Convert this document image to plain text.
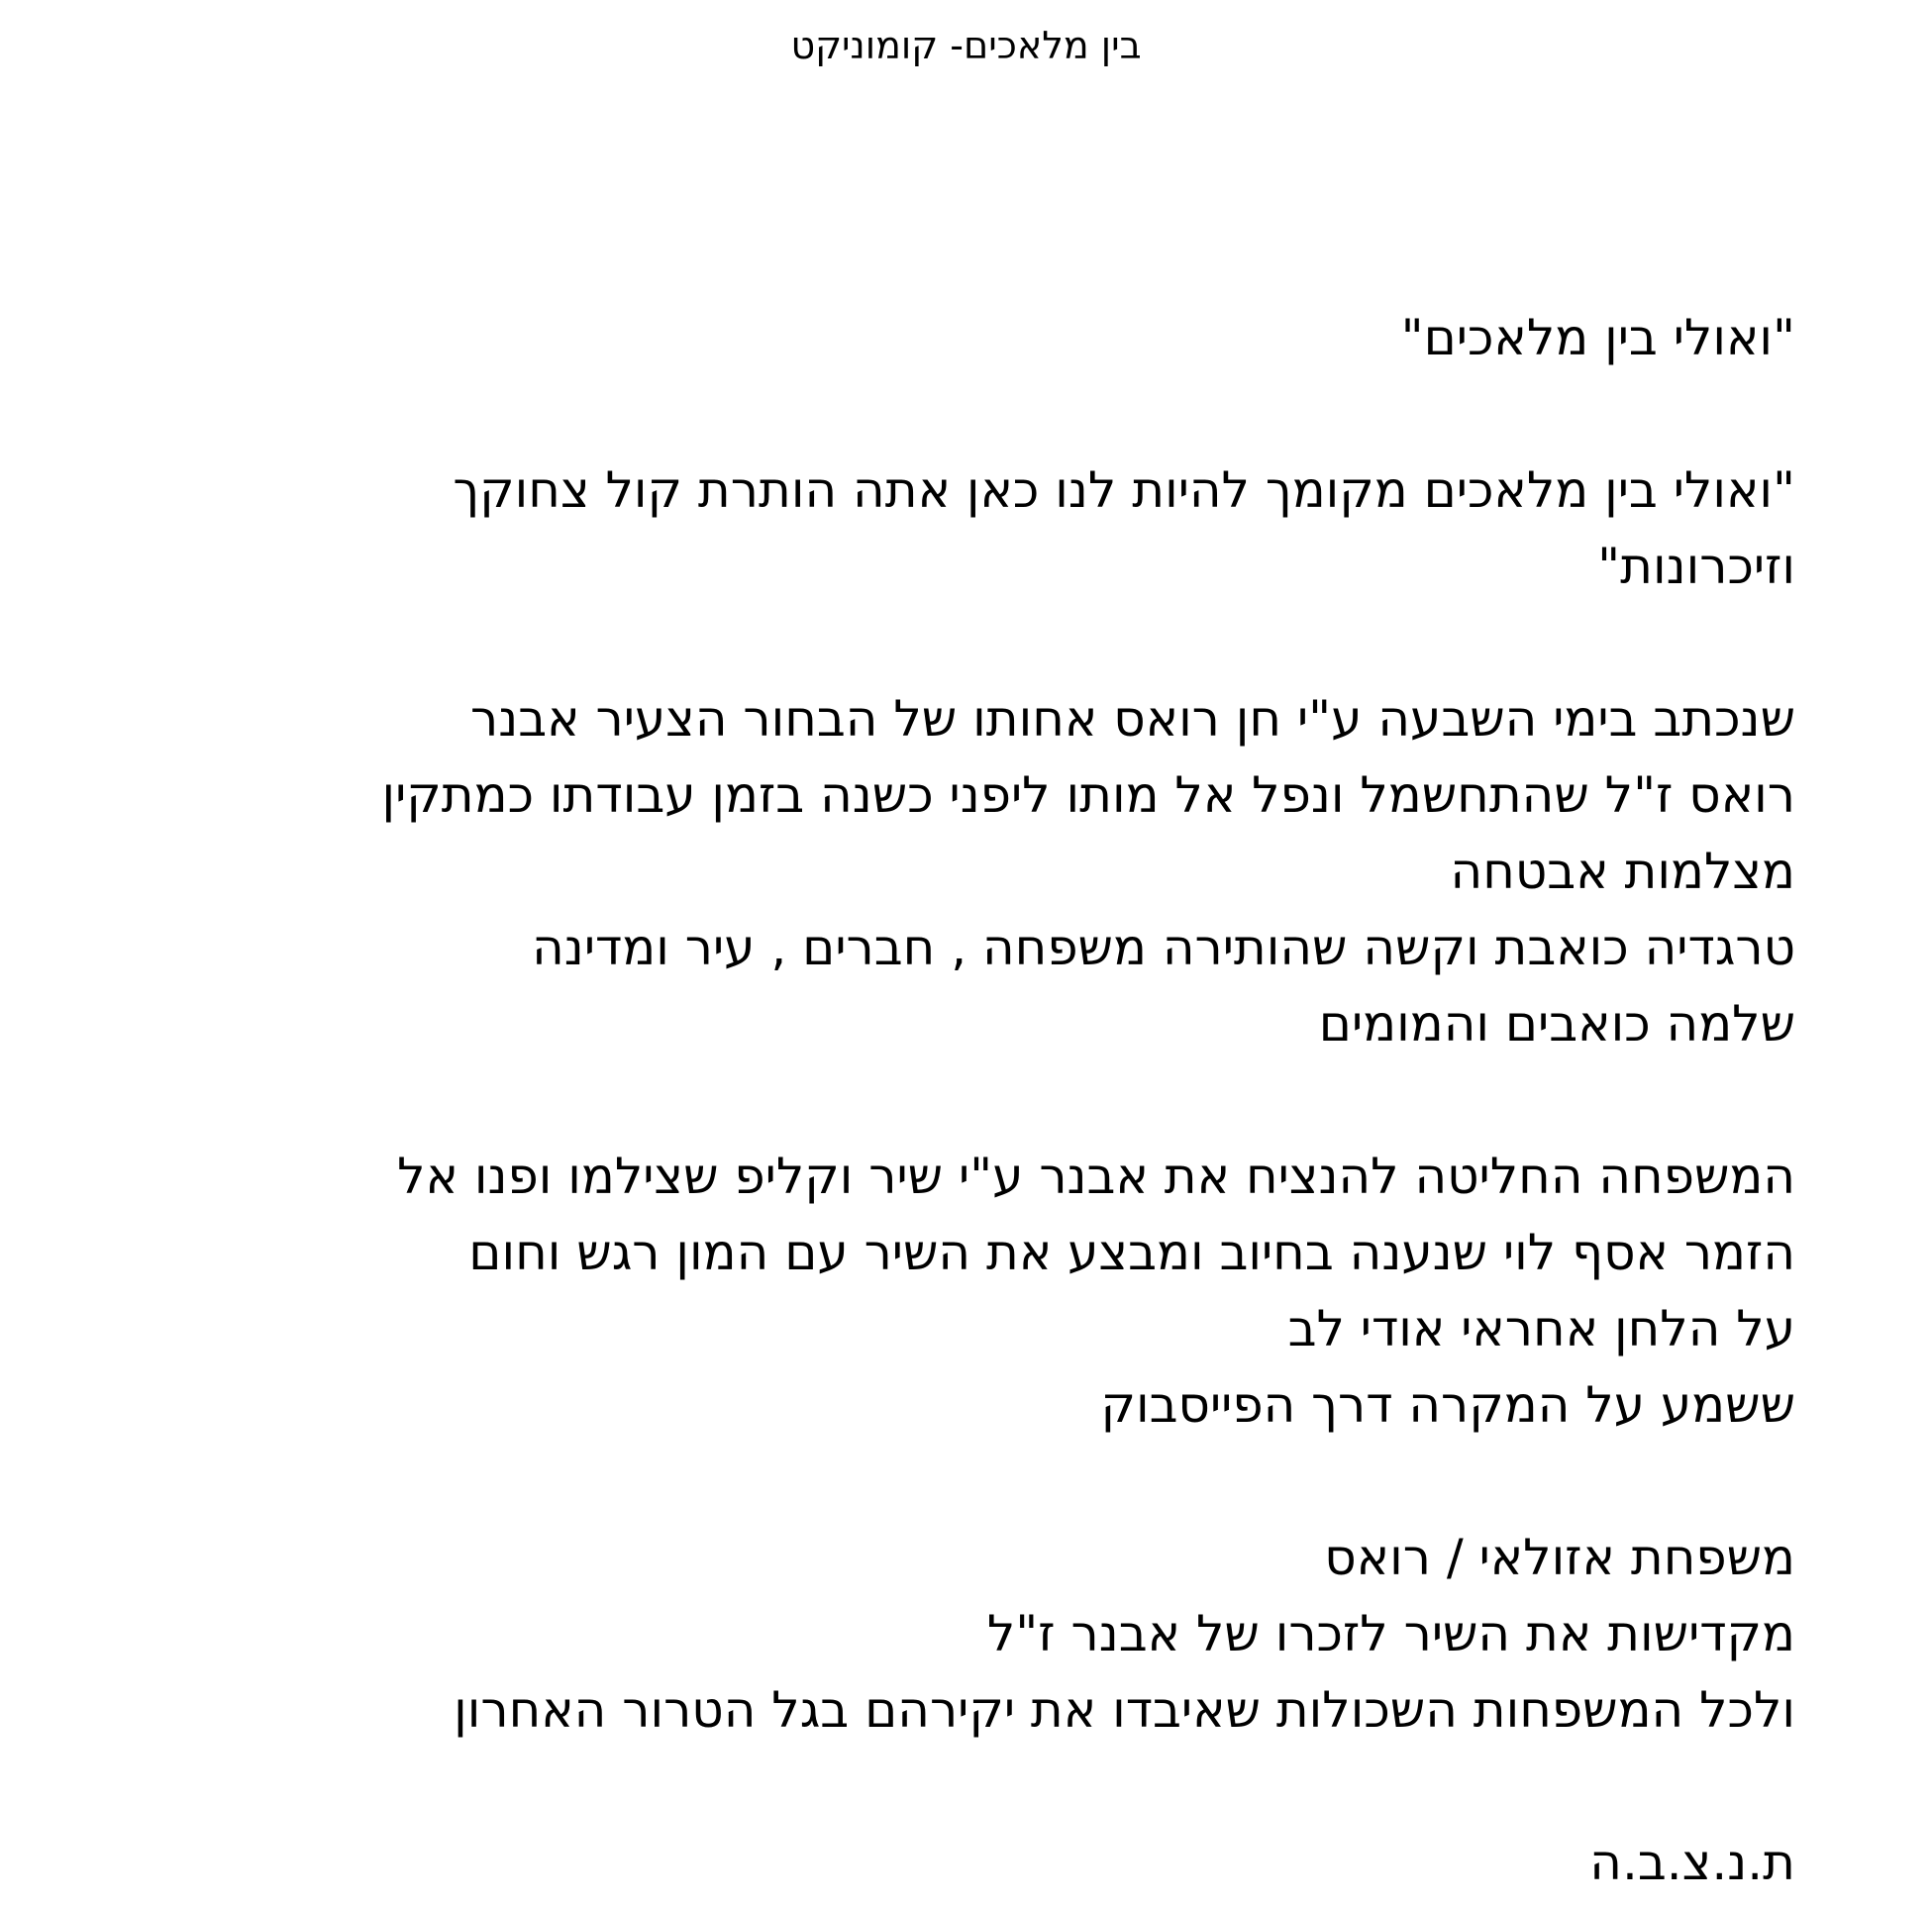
בין מלאכים- קומוניקט
"ואולי בין מלאכים"
"ואולי בין מלאכים מקומך להיות לנו כאן אתה הותרת קול צחוקך
וזיכרונות"
שנכתב בימי השבעה ע"י חן רואס אחותו של הבחור הצעיר אבנר
רואס ז"ל שהתחשמל ונפל אל מותו ליפני כשנה בזמן עבודתו כמתקין
מצלמות אבטחה
טרגדיה כואבת וקשה שהותירה משפחה , חברים , עיר ומדינה
שלמה כואבים והמומים
המשפחה החליטה להנציח את אבנר ע"י שיר וקליפ שצילמו ופנו אל
הזמר אסף לוי שנענה בחיוב ומבצע את השיר עם המון רגש וחום
על הלחן אחראי אודי לב
ששמע על המקרה דרך הפייסבוק
משפחת אזולאי / רואס
מקדישות את השיר לזכרו של אבנר ז"ל
ולכל המשפחות השכולות שאיבדו את יקירהם בגל הטרור האחרון
ת.נ.צ.ב.ה
